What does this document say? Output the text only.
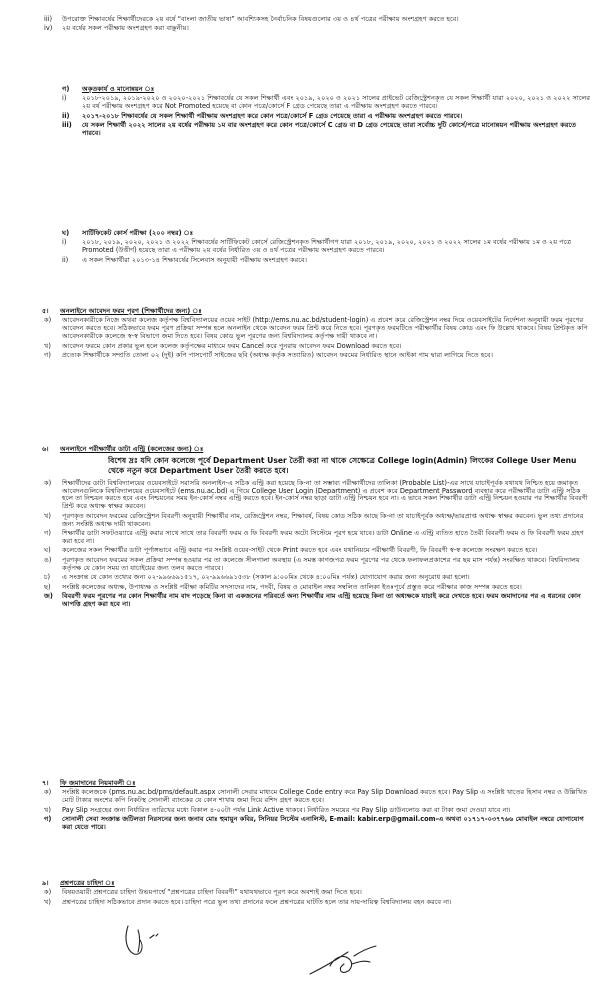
iii) উপরোক্ত শিক্ষাবর্ষের শিক্ষার্থীদেরকে ২য় বর্ষে “বাংলা জাতীয় ভাষা” আবশ্যিকসহ নৈর্বাচনিক বিষয়গুলোর ৩য় ও ৪র্থ পত্রের পরীক্ষায় অংশগ্রহণ করতে হবে।
iv) ২য় বর্ষের সকল পরীক্ষায় অংশগ্রহণ করা বাঞ্ছনীয়।
গ) অকৃতকার্য ও মানোন্নয়ন ঃ
i) ২০১৮-২০১৯, ২০১৯-২০২০ ও ২০২০-২০২১ শিক্ষাবর্ষের যে সকল শিক্ষার্থী এবং ২০১৯, ২০২০ ও ২০২১ সালের প্রাইভেট রেজিস্ট্রেশনকৃত যে সকল শিক্ষার্থী যারা ২০২০, ২০২১ ও ২০২২ সালের ২য় বর্ষ পরীক্ষায় অংশগ্রহণ করে Not Promoted হয়েছে বা কোন পত্রে/কোর্সে F গ্রেড পেয়েছে তারা এ পরীক্ষায় অংশগ্রহণ করতে পারবে।
ii) ২০১৭-২০১৮ শিক্ষাবর্ষের যে সকল শিক্ষার্থী পরীক্ষায় অংশগ্রহণ করে কোন পত্রে/কোর্সে F গ্রেড পেয়েছে তারা এ পরীক্ষায় অংশগ্রহণ করতে পারবে।
iii) যে সকল শিক্ষার্থী ২০২২ সালের ২য় বর্ষের পরীক্ষায় ১ম বার অংশগ্রহণ করে কোন পত্রে/কোর্সে C গ্রেড বা D গ্রেড পেয়েছে তারা সর্বোচ্চ দুটি কোর্সে/পত্রে মানোন্নয়ন পরীক্ষায় অংশগ্রহণ করতে পারবে।
ঘ) সার্টিফিকেট কোর্স পরীক্ষা (২০০ নম্বর) ঃ
i) ২০১৮, ২০১৯, ২০২০, ২০২১ ও ২০২২ শিক্ষাবর্ষের সার্টিফিকেট কোর্সে রেজিস্ট্রেশনকৃত শিক্ষার্থীগণ যারা ২০১৮, ২০১৯, ২০২০, ২০২১ ও ২০২২ সালের ১ম বর্ষের পরীক্ষায় ১ম ও ২য় পত্রে Promoted (উত্তীর্ণ) হয়েছে তারা এ পরীক্ষায় ২য় বর্ষের নির্ধারিত ৩য় ও ৪র্থ পত্রের পরীক্ষায় অংশগ্রহণ করতে পারবে।
ii) এ সকল শিক্ষার্থীরা ২০১৩-১৪ শিক্ষাবর্ষের সিলেবাস অনুযায়ী পরীক্ষায় অংশগ্রহণ করবে।
৫। অনলাইনে আবেদন ফরম পূরণ (শিক্ষার্থীদের জন্য) ঃ
ক) আবেদনকারীকে নিজে অথবা কলেজ কর্তৃপক্ষ বিশ্ববিদ্যালয়ের ওয়েব সাইট (http://ems.nu.ac.bd/student-login) এ প্রবেশ করে রেজিস্ট্রেশন নম্বর দিয়ে ওয়েবসাইটের নির্দেশনা অনুযায়ী ফরম পূরণের আবেদন করতে হবে। সঠিকভাবে ফরম পূরণ প্রক্রিয়া সম্পন্ন হলে অনলাইন থেকে আবেদন ফরম প্রিন্ট করে নিতে হবে। পূরণকৃত ফরমটিতে পরীক্ষার্থীর বিষয় কোড এবং ফি উল্লেখ থাকবে। বিষয় প্রিন্টকৃত কপি আবেদনকারীকে কলেজে স্ব-স্ব বিভাগে জমা দিতে হবে। বিষয় কোড ভুল পূরণের জন্য বিশ্ববিদ্যালয় কর্তৃপক্ষ দায়ী থাকবে না।
খ) আবেদন ফরমে কোন প্রকার ভুল হলে কলেজ কর্তৃপক্ষের মাধ্যমে ফরম Cancel করে পুনরায় আবেদন ফরম Download করতে হবে।
গ) প্রত্যেক শিক্ষার্থীকে সম্প্রতি তোলা ০২ (দুই) কপি পাসপোর্ট সাইজের ছবি (অধ্যক্ষ কর্তৃক সত্যায়িত) আবেদন ফরমের নির্ধারিত স্থানে আইকা গাম দ্বারা লাগিয়ে দিতে হবে।
৬। অনলাইনে পরীক্ষার্থীর ডাটা এন্ট্রি (কলেজের জন্য) ঃ
বিশেষ দ্রঃ যদি কোন কলেজে পূর্বে Department User তৈরী করা না থাকে সেক্ষেত্রে College login(Admin) লিংকের College User Menu থেকে নতুন করে Department User তৈরী করতে হবে।
ক) শিক্ষার্থীদের ডাটা বিশ্ববিদ্যালয়ের ওয়েবসাইটে সরাসরি অনলাইন-এ সঠিক এন্ট্রি করা হয়েছে কি-না তা সম্ভাব্য পরীক্ষার্থীদের তালিকা (Probable List)-এর সাথে যাচাইপূর্বক যথাযথ নিশ্চিত হয়ে জমাকৃত আবেদনগুলিকে বিশ্ববিদ্যালয়ের ওয়েবসাইটে (ems.nu.ac.bd) এ গিয়ে College User Login (Department) এ প্রবেশ করে Department Password ব্যবহার করে পরীক্ষার্থীর ডাটা এন্ট্রি সঠিক হলে তা নিশ্চয়ন করতে হবে এবং নিশ্চয়নের সময় ইন-কোর্স নম্বর এন্ট্রি করতে হবে। ইন-কোর্স নম্বর ছাড়া ডাটা এন্ট্রি নিশ্চয়ন হবে না। এ ভাবে সকল শিক্ষার্থীর ডাটা এন্ট্রি নিশ্চয়ন হওয়ার পর শিক্ষার্থীর বিবরণী প্রিন্ট করে অধ্যক্ষ স্বাক্ষর করবেন।
খ) পূরণকৃত আবেদন ফরমের রেজিস্ট্রেশন বিবরণী অনুযায়ী শিক্ষার্থীর নাম, রেজিস্ট্রেশন নম্বর, শিক্ষাবর্ষ, বিষয় কোড সঠিক আছে কি-না তা যাচাইপূর্বক অধ্যক্ষ/ভারপ্রাপ্ত অধ্যক্ষ স্বাক্ষর করবেন। ভুল তথ্য প্রদানের জন্য সংশ্লিষ্ট অধ্যক্ষ দায়ী থাকবেন।
গ) শিক্ষার্থীর ডাটা সফটওয়্যারে এন্ট্রি করার সাথে সাথে তার বিবরণী ফরম ও ফি বিবরণী ফরম অটো সিস্টেমে পূরণ হয়ে যাবে। ডাটা Online এ এন্ট্রি ব্যতিত হাতে তৈরী বিবরণী ফরম ও ফি বিবরণী ফরম গ্রহণ করা হবে না।
ঘ) কলেজের সকল শিক্ষার্থীর ডাটা পূর্ণাঙ্গভাবে এন্ট্রি করার পর সংশ্লিষ্ট ওয়েব-সাইট থেকে Print করতে হবে এবং যথানিয়মে পরীক্ষার্থী বিবরণী, ফি বিবরণী স্ব-স্ব কলেজে সংরক্ষণ করতে হবে।
ঙ) পূরণকৃত আবেদন ফরমের সকল প্রক্রিয়া সম্পন্ন হওয়ার পর তা কলেজে সীলগালা অবস্থায় (এ সমস্ত কাগজপত্র ফরম পূরণের পর থেকে ফলাফলপ্রকাশের পর ছয় মাস পর্যন্ত) সংরক্ষিত থাকবে। বিশ্ববিদ্যালয় কর্তৃপক্ষ যে কোন সময় তা যাচাইয়ের জন্য তলব করতে পারবে।
চ) এ সংক্রান্ত যে কোন তথ্যের জন্য ০২-৯৯৬৬৯১৫১৭, ০২-৯৯৬৬৯১৫৩৮ (সকাল ৯:০০মিঃ থেকে ৪:০০মিঃ পর্যন্ত) যোগাযোগ করার জন্য অনুরোধ করা হলো।
ছ) সংশ্লিষ্ট কলেজের অধ্যক্ষ, উপাধ্যক্ষ ও সংশ্লিষ্ট পরীক্ষা কমিটির সদস্যদের নাম, পদবী, বিষয় ও মোবাইল নম্বর সম্বলিত তালিকা ইতঃপূর্বে প্রস্তুত করে পরীক্ষার কাজ সম্পন্ন করতে হবে।
জ) বিবরণী ফরম পূরণের পর কোন শিক্ষার্থীর নাম বাদ পড়েছে কিনা বা একজনের পরিবর্তে অন্য শিক্ষার্থীর নাম এন্ট্রি হয়েছে কিনা তা অধ্যক্ষকে যাচাই করে দেখতে হবে। ফরম জমাদানের পর এ ধরনের কোন আপত্তি গ্রহণ করা হবে না।
৭। ফি জমাদানের নিয়মাবলী ঃ
ক) সংশ্লিষ্ট কলেজকে (pms.nu.ac.bd/pms/default.aspx সোনালী সেবার মাধ্যমে College Code entry করে Pay Slip Download করতে হবে। Pay Slip এ সংশ্লিষ্ট খাতের হিসাব নম্বর ও উল্লিখিত মোট টাকার অংশের কপি নিকটস্থ সোনালী ব্যাংকের যে কোন শাখায় জমা দিয়ে রশিদ গ্রহণ করতে হবে।
খ) Pay Slip সংগ্রহের জন্য নির্ধারিত তারিখের মধ্যে বিকাল ৪-০০টা পর্যন্ত Link Active থাকবে। নির্ধারিত সময়ের পর Pay Slip ডাউনলোড করা বা টাকা জমা দেওয়া যাবে না।
গ) সোনালী সেবা সংক্রান্ত জটিলতা নিরসনের জন্য জনাব মোঃ হুমায়ুন কবির, সিনিয়র সিস্টেম এনালিস্ট, E-mail: kabir.erp@gmail.com-এ অথবা ০১৭১৭-০৩৭৭৬৬ মোবাইল নম্বরে যোগাযোগ করা যেতে পারে।
৯। প্রশ্নপত্রের চাহিদা ঃ
ক) বিষয়ওয়ারী প্রশ্নপত্রের চাহিদা উভয়পার্শ্বে “প্রশ্নপত্রের চাহিদা বিবরণী” যথাযথভাবে পূরণ করে অবশ্যই জমা দিতে হবে।
খ) প্রশ্নপত্রের চাহিদা সঠিকভাবে প্রদান করতে হবে। চাহিদা পত্রে ভুল তথ্য প্রদানের ফলে প্রশ্নপত্রের ঘাটতি হলে তার দায়-দায়িত্ব বিশ্ববিদ্যালয় বহন করবে না।
